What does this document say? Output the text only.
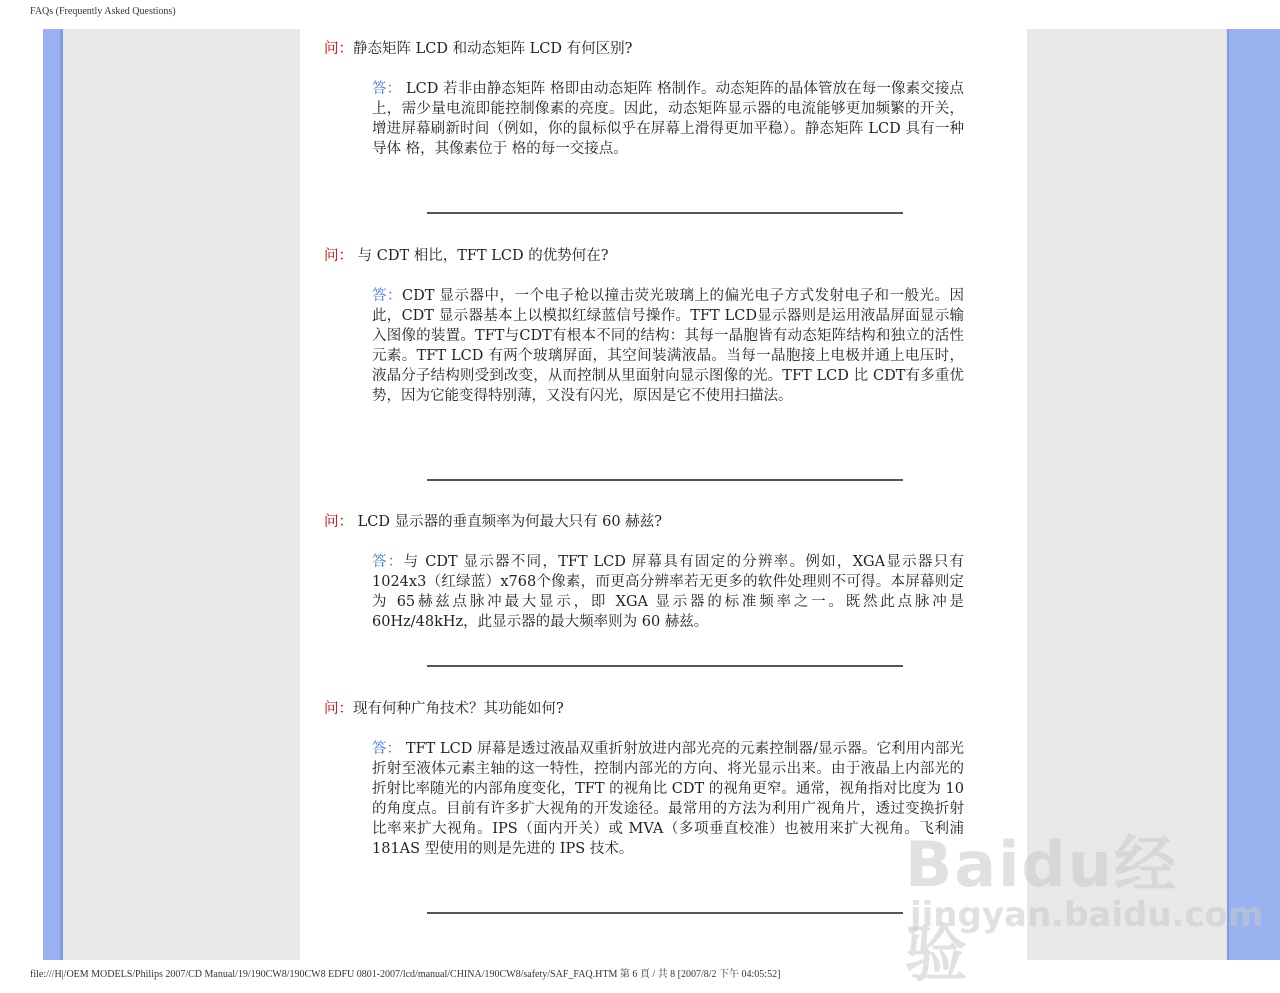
FAQs (Frequently Asked Questions)

问：静态矩阵 LCD 和动态矩阵 LCD 有何区别?

答： LCD 若非由静态矩阵 格即由动态矩阵 格制作。动态矩阵的晶体管放在每一像素交接点上，需少量电流即能控制像素的亮度。因此，动态矩阵显示器的电流能够更加频繁的开关，增进屏幕刷新时间（例如，你的鼠标似乎在屏幕上滑得更加平稳）。静态矩阵 LCD 具有一种导体 格，其像素位于 格的每一交接点。

问： 与 CDT 相比，TFT LCD 的优势何在?

答：CDT 显示器中，一个电子枪以撞击荧光玻璃上的偏光电子方式发射电子和一般光。因此，CDT 显示器基本上以模拟红绿蓝信号操作。TFT LCD显示器则是运用液晶屏面显示输入图像的装置。TFT与CDT有根本不同的结构：其每一晶胞皆有动态矩阵结构和独立的活性元素。TFT LCD 有两个玻璃屏面，其空间装满液晶。当每一晶胞接上电极并通上电压时，液晶分子结构则受到改变，从而控制从里面射向显示图像的光。TFT LCD 比 CDT有多重优势，因为它能变得特别薄，又没有闪光，原因是它不使用扫描法。

问： LCD 显示器的垂直频率为何最大只有 60 赫兹?

答：与 CDT 显示器不同，TFT LCD 屏幕具有固定的分辨率。例如，XGA显示器只有1024x3（红绿蓝）x768个像素，而更高分辨率若无更多的软件处理则不可得。本屏幕则定为 65赫兹点脉冲最大显示，即 XGA 显示器的标准频率之一。既然此点脉冲是 60Hz/48kHz，此显示器的最大频率则为 60 赫兹。

问：现有何种广角技术？其功能如何?

答： TFT LCD 屏幕是透过液晶双重折射放进内部光亮的元素控制器/显示器。它利用内部光折射至液体元素主轴的这一特性，控制内部光的方向、将光显示出来。由于液晶上内部光的折射比率随光的内部角度变化，TFT 的视角比 CDT 的视角更窄。通常，视角指对比度为 10 的角度点。目前有许多扩大视角的开发途径。最常用的方法为利用广视角片，透过变换折射比率来扩大视角。IPS（面内开关）或 MVA（多项垂直校准）也被用来扩大视角。飞利浦 181AS 型使用的则是先进的 IPS 技术。	Baidu经验
jingyan.baidu.com
file:///H|/OEM MODELS/Philips 2007/CD Manual/19/190CW8/190CW8 EDFU 0801-2007/lcd/manual/CHINA/190CW8/safety/SAF_FAQ.HTM 第 6 頁 / 共 8 [2007/8/2 下午 04:05:52]
